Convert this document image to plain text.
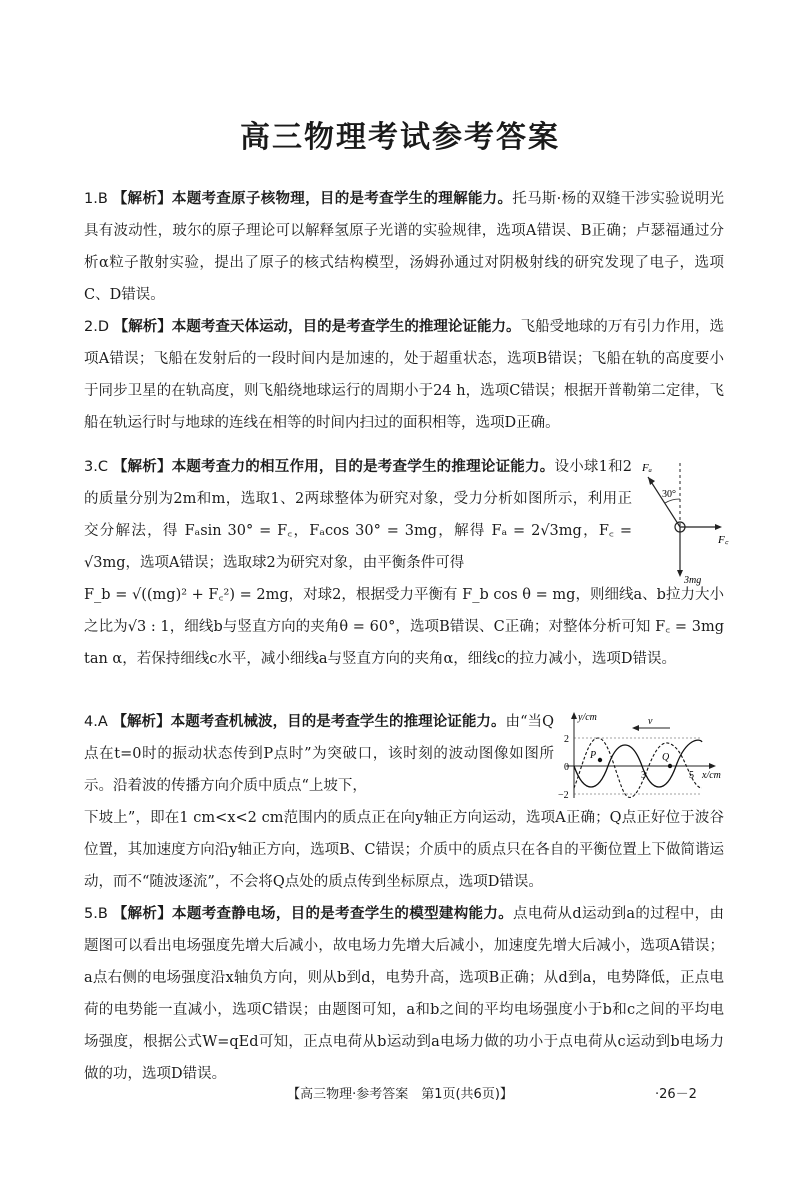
高三物理考试参考答案

1.B 【解析】本题考查原子核物理，目的是考查学生的理解能力。托马斯·杨的双缝干涉实验说明光具有波动性，玻尔的原子理论可以解释氢原子光谱的实验规律，选项A错误、B正确；卢瑟福通过分析α粒子散射实验，提出了原子的核式结构模型，汤姆孙通过对阴极射线的研究发现了电子，选项C、D错误。

2.D 【解析】本题考查天体运动，目的是考查学生的推理论证能力。飞船受地球的万有引力作用，选项A错误；飞船在发射后的一段时间内是加速的，处于超重状态，选项B错误；飞船在轨的高度要小于同步卫星的在轨高度，则飞船绕地球运行的周期小于24 h，选项C错误；根据开普勒第二定律，飞船在轨运行时与地球的连线在相等的时间内扫过的面积相等，选项D正确。

3.C 【解析】本题考查力的相互作用，目的是考查学生的推理论证能力。设小球1和2的质量分别为2m和m，选取1、2两球整体为研究对象，受力分析如图所示，利用正交分解法，得 Fₐsin 30° = F꜀，Fₐcos 30° = 3mg，解得 Fₐ = 2√3mg，F꜀ = √3mg，选项A错误；选取球2为研究对象，由平衡条件可得

F_b = √((mg)² + F꜀²) = 2mg，对球2，根据受力平衡有 F_b cos θ = mg，则细线a、b拉力大小之比为√3 : 1，细线b与竖直方向的夹角θ = 60°，选项B错误、C正确；对整体分析可知 F꜀ = 3mg tan α，若保持细线c水平，减小细线a与竖直方向的夹角α，细线c的拉力减小，选项D错误。

Fₐ
30°
F꜀
3mg

4.A 【解析】本题考查机械波，目的是考查学生的推理论证能力。由“当Q点在t=0时的振动状态传到P点时”为突破口，该时刻的波动图像如图所示。沿着波的传播方向介质中质点“上坡下，

下坡上”，即在1 cm<x<2 cm范围内的质点正在向y轴正方向运动，选项A正确；Q点正好位于波谷位置，其加速度方向沿y轴正方向，选项B、C错误；介质中的质点只在各自的平衡位置上下做简谐运动，而不“随波逐流”，不会将Q点处的质点传到坐标原点，选项D错误。

y/cm
x/cm
v
P	Q
2
0
−2
3	5

5.B 【解析】本题考查静电场，目的是考查学生的模型建构能力。点电荷从d运动到a的过程中，由题图可以看出电场强度先增大后减小，故电场力先增大后减小，加速度先增大后减小，选项A错误；a点右侧的电场强度沿x轴负方向，则从b到d，电势升高，选项B正确；从d到a，电势降低，正点电荷的电势能一直减小，选项C错误；由题图可知，a和b之间的平均电场强度小于b和c之间的平均电场强度，根据公式W=qEd可知，正点电荷从b运动到a电场力做的功小于点电荷从c运动到b电场力做的功，选项D错误。

【高三物理·参考答案　第1页(共6页)】	·26－2
